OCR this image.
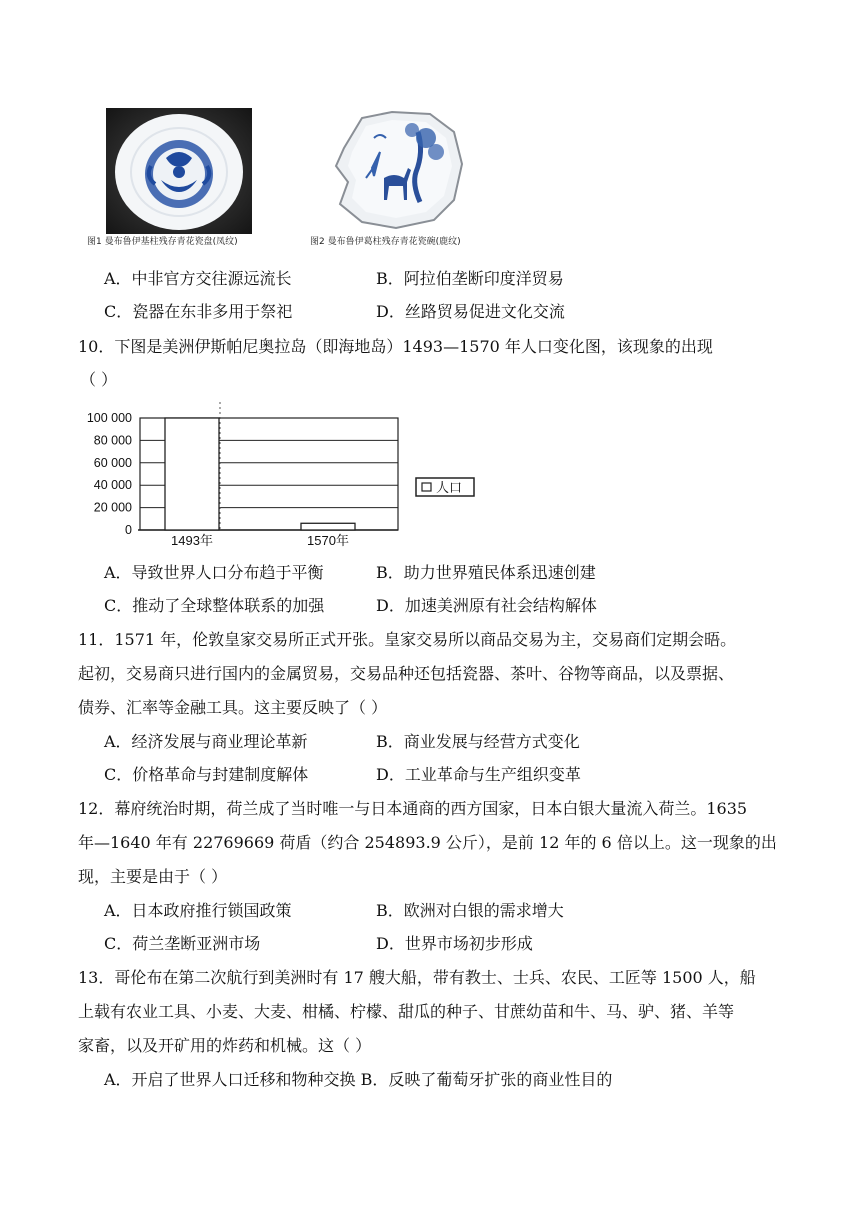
图1 曼布鲁伊基柱残存青花瓷盘(凤纹)	图2 曼布鲁伊葛柱残存青花瓷碗(鹿纹)
A．中非官方交往源远流长	B．阿拉伯垄断印度洋贸易
C．瓷器在东非多用于祭祀	D．丝路贸易促进文化交流
10．下图是美洲伊斯帕尼奥拉岛（即海地岛）1493—1570 年人口变化图，该现象的出现
（ ）
100 000
80 000
60 000
40 000
20 000
0
1493年	1570年
人口
A．导致世界人口分布趋于平衡	B．助力世界殖民体系迅速创建
C．推动了全球整体联系的加强	D．加速美洲原有社会结构解体
11．1571 年，伦敦皇家交易所正式开张。皇家交易所以商品交易为主，交易商们定期会晤。
起初，交易商只进行国内的金属贸易，交易品种还包括瓷器、茶叶、谷物等商品，以及票据、
债券、汇率等金融工具。这主要反映了（ ）
A．经济发展与商业理论革新	B．商业发展与经营方式变化
C．价格革命与封建制度解体	D．工业革命与生产组织变革
12．幕府统治时期，荷兰成了当时唯一与日本通商的西方国家，日本白银大量流入荷兰。1635
年—1640 年有 22769669 荷盾（约合 254893.9 公斤），是前 12 年的 6 倍以上。这一现象的出
现，主要是由于（ ）
A．日本政府推行锁国政策	B．欧洲对白银的需求增大
C．荷兰垄断亚洲市场	D．世界市场初步形成
13．哥伦布在第二次航行到美洲时有 17 艘大船，带有教士、士兵、农民、工匠等 1500 人，船
上载有农业工具、小麦、大麦、柑橘、柠檬、甜瓜的种子、甘蔗幼苗和牛、马、驴、猪、羊等
家畜，以及开矿用的炸药和机械。这（ ）
A．开启了世界人口迁移和物种交换 B．反映了葡萄牙扩张的商业性目的
